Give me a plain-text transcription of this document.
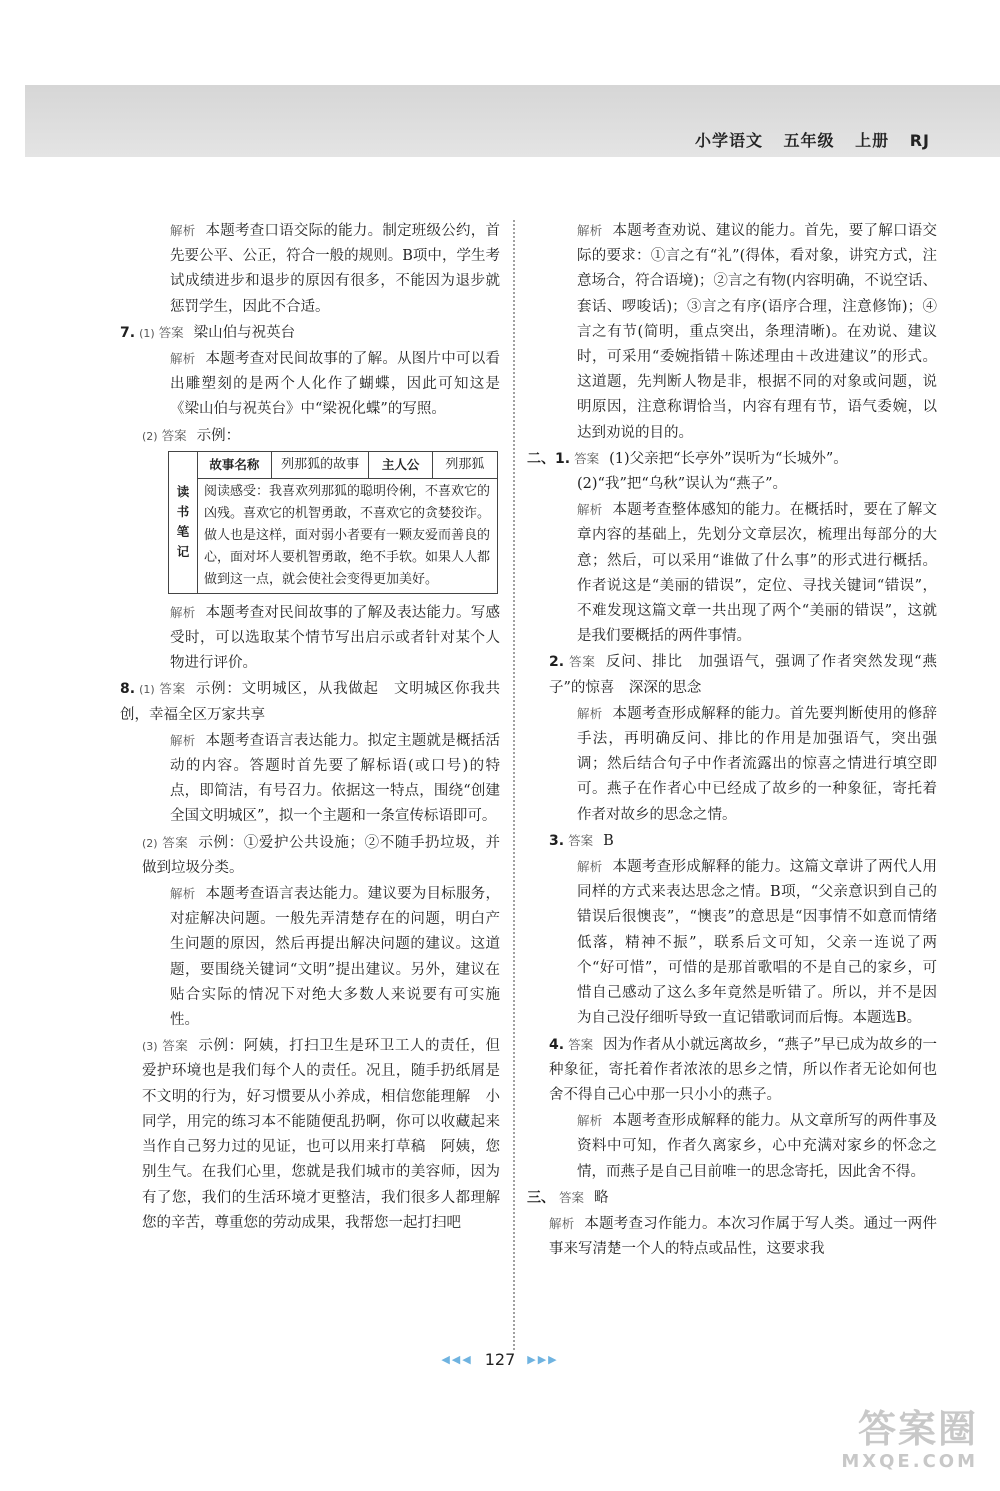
小学语文 五年级 上册 RJ
解析 本题考查口语交际的能力。制定班级公约，首先要公平、公正，符合一般的规则。B项中，学生考试成绩进步和退步的原因有很多，不能因为退步就惩罚学生，因此不合适。
7. (1) 答案 梁山伯与祝英台
解析 本题考查对民间故事的了解。从图片中可以看出雕塑刻的是两个人化作了蝴蝶，因此可知这是《梁山伯与祝英台》中“梁祝化蝶”的写照。
(2) 答案 示例：
读书笔记	故事名称	列那狐的故事	主人公	列那狐
阅读感受：我喜欢列那狐的聪明伶俐，不喜欢它的凶残。喜欢它的机智勇敢，不喜欢它的贪婪狡诈。做人也是这样，面对弱小者要有一颗友爱而善良的心，面对坏人要机智勇敢，绝不手软。如果人人都做到这一点，就会使社会变得更加美好。
解析 本题考查对民间故事的了解及表达能力。写感受时，可以选取某个情节写出启示或者针对某个人物进行评价。
8. (1) 答案 示例：文明城区，从我做起　文明城区你我共创，幸福全区万家共享
解析 本题考查语言表达能力。拟定主题就是概括活动的内容。答题时首先要了解标语(或口号)的特点，即简洁，有号召力。依据这一特点，围绕“创建全国文明城区”，拟一个主题和一条宣传标语即可。
(2) 答案 示例：①爱护公共设施；②不随手扔垃圾，并做到垃圾分类。
解析 本题考查语言表达能力。建议要为目标服务，对症解决问题。一般先弄清楚存在的问题，明白产生问题的原因，然后再提出解决问题的建议。这道题，要围绕关键词“文明”提出建议。另外，建议在贴合实际的情况下对绝大多数人来说要有可实施性。
(3) 答案 示例：阿姨，打扫卫生是环卫工人的责任，但爱护环境也是我们每个人的责任。况且，随手扔纸屑是不文明的行为，好习惯要从小养成，相信您能理解　小同学，用完的练习本不能随便乱扔啊，你可以收藏起来当作自己努力过的见证，也可以用来打草稿　阿姨，您别生气。在我们心里，您就是我们城市的美容师，因为有了您，我们的生活环境才更整洁，我们很多人都理解您的辛苦，尊重您的劳动成果，我帮您一起打扫吧
解析 本题考查劝说、建议的能力。首先，要了解口语交际的要求：①言之有“礼”(得体，看对象，讲究方式，注意场合，符合语境)；②言之有物(内容明确，不说空话、套话、啰唆话)；③言之有序(语序合理，注意修饰)；④言之有节(简明，重点突出，条理清晰)。在劝说、建议时，可采用“委婉指错＋陈述理由＋改进建议”的形式。这道题，先判断人物是非，根据不同的对象或问题，说明原因，注意称谓恰当，内容有理有节，语气委婉，以达到劝说的目的。
二、1. 答案 (1)父亲把“长亭外”误听为“长城外”。
(2)“我”把“乌秋”误认为“燕子”。
解析 本题考查整体感知的能力。在概括时，要在了解文章内容的基础上，先划分文章层次，梳理出每部分的大意；然后，可以采用“谁做了什么事”的形式进行概括。作者说这是“美丽的错误”，定位、寻找关键词“错误”，不难发现这篇文章一共出现了两个“美丽的错误”，这就是我们要概括的两件事情。
2. 答案 反问、排比　加强语气，强调了作者突然发现“燕子”的惊喜　深深的思念
解析 本题考查形成解释的能力。首先要判断使用的修辞手法，再明确反问、排比的作用是加强语气，突出强调；然后结合句子中作者流露出的惊喜之情进行填空即可。燕子在作者心中已经成了故乡的一种象征，寄托着作者对故乡的思念之情。
3. 答案 B
解析 本题考查形成解释的能力。这篇文章讲了两代人用同样的方式来表达思念之情。B项，“父亲意识到自己的错误后很懊丧”，“懊丧”的意思是“因事情不如意而情绪低落，精神不振”，联系后文可知，父亲一连说了两个“好可惜”，可惜的是那首歌唱的不是自己的家乡，可惜自己感动了这么多年竟然是听错了。所以，并不是因为自己没仔细听导致一直记错歌词而后悔。本题选B。
4. 答案 因为作者从小就远离故乡，“燕子”早已成为故乡的一种象征，寄托着作者浓浓的思乡之情，所以作者无论如何也舍不得自己心中那一只小小的燕子。
解析 本题考查形成解释的能力。从文章所写的两件事及资料中可知，作者久离家乡，心中充满对家乡的怀念之情，而燕子是自己目前唯一的思念寄托，因此舍不得。
三、 答案 略
解析 本题考查习作能力。本次习作属于写人类。通过一两件事来写清楚一个人的特点或品性，这要求我
◀◀◀ 127 ▶▶▶
答案圈
MXQE.COM
